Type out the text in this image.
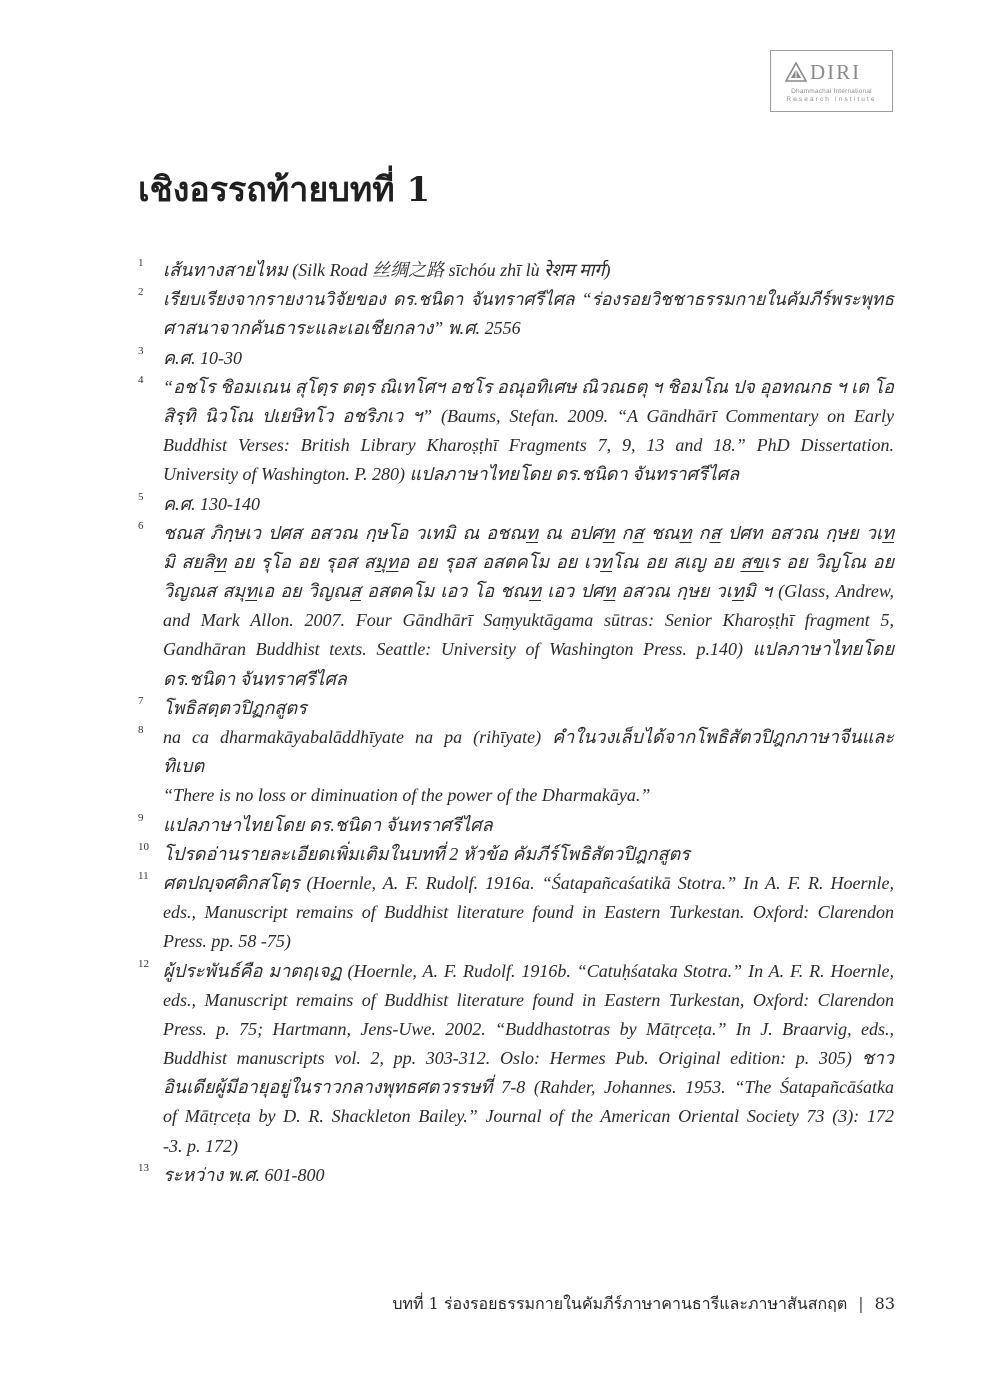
DIRI
Dhammachai International
Research Institute
เชิงอรรถท้ายบทที่ 1
1 เส้นทางสายไหม (Silk Road 丝绸之路 sīchóu zhī lù रेशम मार्ग)
2 เรียบเรียงจากรายงานวิจัยของ ดร.ชนิดา จันทราศรีไศล “ร่องรอยวิชชาธรรมกายในคัมภีร์พระพุทธ
ศาสนาจากคันธาระและเอเชียกลาง” พ.ศ. 2556
3 ค.ศ. 10-30
4 “อชโร ชิอมเณน สุโตฺร ตตฺร ณิเทโศฯ อชโร อณุอทิเศษ ณิวณธตุ ฯ ชิอมโณ ปจ อุอทณกธ ฯ เต โอ
สิรฺทิ นิวโณ ปเยษิทโว อชริภเว ฯ” (Baums, Stefan. 2009. “A Gāndhārī Commentary on Early
Buddhist Verses: British Library Kharoṣṭhī Fragments 7, 9, 13 and 18.” PhD Dissertation.
University of Washington. P. 280) แปลภาษาไทยโดย ดร.ชนิดา จันทราศรีไศล
5 ค.ศ. 130-140
6 ชณส ภิกฺษเว ปศส อสวณ กฺษโอ วเทมิ ณ อชณท ณ อปศท กส ชณท กส ปศท อสวณ กฺษย วเท
มิ สยสิท อย รุโอ อย รุอส สมุทอ อย รุอส อสตคโม อย เวทโณ อย สเญ อย สขเร อย วิญโณ อย
วิญณส สมุทเอ อย วิญณส อสตคโม เอว โอ ชณท เอว ปศท อสวณ กฺษย วเทมิ ฯ (Glass, Andrew,
and Mark Allon. 2007. Four Gāndhārī Saṃyuktāgama sūtras: Senior Kharoṣṭhī fragment 5,
Gandhāran Buddhist texts. Seattle: University of Washington Press. p.140) แปลภาษาไทยโดย
ดร.ชนิดา จันทราศรีไศล
7 โพธิสตฺตวปิฏกสูตร
8 na ca dharmakāyabalāddhīyate na pa (rihīyate) คำในวงเล็บได้จากโพธิสัตวปิฎกภาษาจีนและ
ทิเบต
“There is no loss or diminuation of the power of the Dharmakāya.”
9 แปลภาษาไทยโดย ดร.ชนิดา จันทราศรีไศล
10 โปรดอ่านรายละเอียดเพิ่มเติมในบทที่ 2 หัวข้อ คัมภีร์โพธิสัตวปิฎกสูตร
11 ศตปญฺจศติกสโตฺร (Hoernle, A. F. Rudolf. 1916a. “Śatapañcaśatikā Stotra.” In A. F. R. Hoernle,
eds., Manuscript remains of Buddhist literature found in Eastern Turkestan. Oxford: Clarendon
Press. pp. 58 -75)
12 ผู้ประพันธ์คือ มาตฤเจฏ (Hoernle, A. F. Rudolf. 1916b. “Catuḥśataka Stotra.” In A. F. R. Hoernle,
eds., Manuscript remains of Buddhist literature found in Eastern Turkestan, Oxford: Clarendon
Press. p. 75; Hartmann, Jens-Uwe. 2002. “Buddhastotras by Mātṛceṭa.” In J. Braarvig, eds.,
Buddhist manuscripts vol. 2, pp. 303-312. Oslo: Hermes Pub. Original edition: p. 305) ชาว
อินเดียผู้มีอายุอยู่ในราวกลางพุทธศตวรรษที่ 7-8 (Rahder, Johannes. 1953. “The Śatapañcāśatka
of Mātṛceṭa by D. R. Shackleton Bailey.” Journal of the American Oriental Society 73 (3): 172
-3. p. 172)
13 ระหว่าง พ.ศ. 601-800
บทที่ 1 ร่องรอยธรรมกายในคัมภีร์ภาษาคานธารีและภาษาสันสกฤต | 83
